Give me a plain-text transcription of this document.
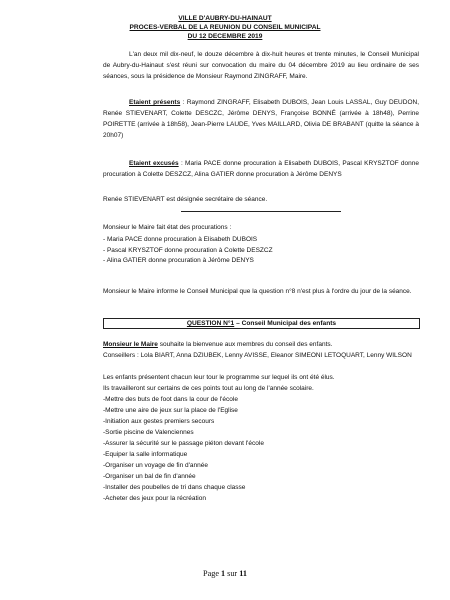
VILLE D'AUBRY-DU-HAINAUT
PROCES-VERBAL DE LA REUNION DU CONSEIL MUNICIPAL
DU 12 DECEMBRE 2019
L'an deux mil dix-neuf, le douze décembre à dix-huit heures et trente minutes, le Conseil Municipal de Aubry-du-Hainaut s'est réuni sur convocation du maire du 04 décembre 2019 au lieu ordinaire de ses séances, sous la présidence de Monsieur Raymond ZINGRAFF, Maire.
Etaient présents : Raymond ZINGRAFF, Elisabeth DUBOIS, Jean Louis LASSAL, Guy DEUDON, Renée STIEVENART, Colette DESCZC, Jérôme DENYS, Françoise BONNÉ (arrivée à 18h48), Perrine POIRETTE (arrivée à 18h58), Jean-Pierre LAUDE, Yves MAILLARD, Olivia DE BRABANT (quitte la séance à 20h07)
Etaient excusés : Maria PACE donne procuration à Elisabeth DUBOIS, Pascal KRYSZTOF donne procuration à Colette DESZCZ, Alina GATIER donne procuration à Jérôme DENYS
Renée STIEVENART est désignée secrétaire de séance.
Monsieur le Maire fait état des procurations :
- Maria PACE donne procuration à Elisabeth DUBOIS
- Pascal KRYSZTOF donne procuration à Colette DESZCZ
- Alina GATIER donne procuration à Jérôme DENYS
Monsieur le Maire informe le Conseil Municipal que la question n°8 n'est plus à l'ordre du jour de la séance.
QUESTION N°1 – Conseil Municipal des enfants
Monsieur le Maire souhaite la bienvenue aux membres du conseil des enfants.
Conseillers : Lola BIART, Anna DZIUBEK, Lenny AVISSE, Eleanor SIMEONI LETOQUART, Lenny WILSON
Les enfants présentent chacun leur tour le programme sur lequel ils ont été élus.
Ils travailleront sur certains de ces points tout au long de l'année scolaire.
-Mettre des buts de foot dans la cour de l'école
-Mettre une aire de jeux sur la place de l'Eglise
-Initiation aux gestes premiers secours
-Sortie piscine de Valenciennes
-Assurer la sécurité sur le passage piéton devant l'école
-Equiper la salle informatique
-Organiser un voyage de fin d'année
-Organiser un bal de fin d'année
-Installer des poubelles de tri dans chaque classe
-Acheter des jeux pour la récréation
Page 1 sur 11
